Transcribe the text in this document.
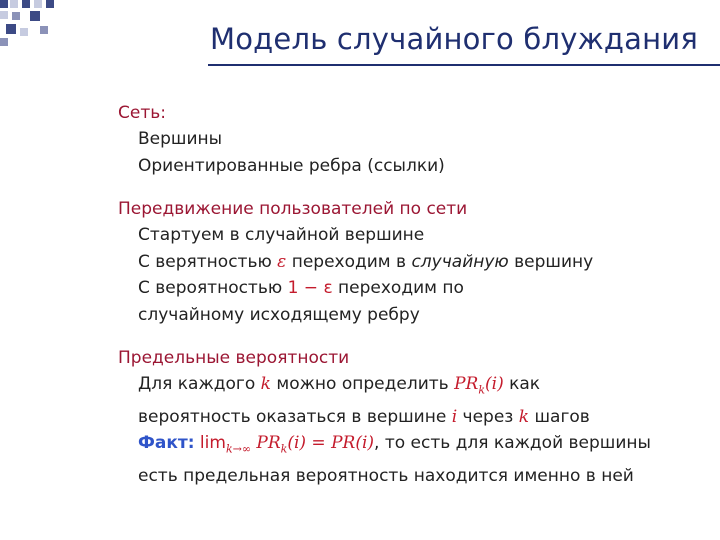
Модель случайного блуждания
Сеть:
Вершины
Ориентированные ребра (ссылки)
Передвижение пользователей по сети
Стартуем в случайной вершине
С верятностью ε переходим в случайную вершину
С вероятностью 1 − ε переходим по
случайному исходящему ребру
Предельные вероятности
Для каждого k можно определить $PR_k(i)$ как
вероятность оказаться в вершине i через k шагов
Факт: $\lim_{k\to\infty} PR_k(i) = PR(i)$, то есть для каждой вершины
есть предельная вероятность находится именно в ней
